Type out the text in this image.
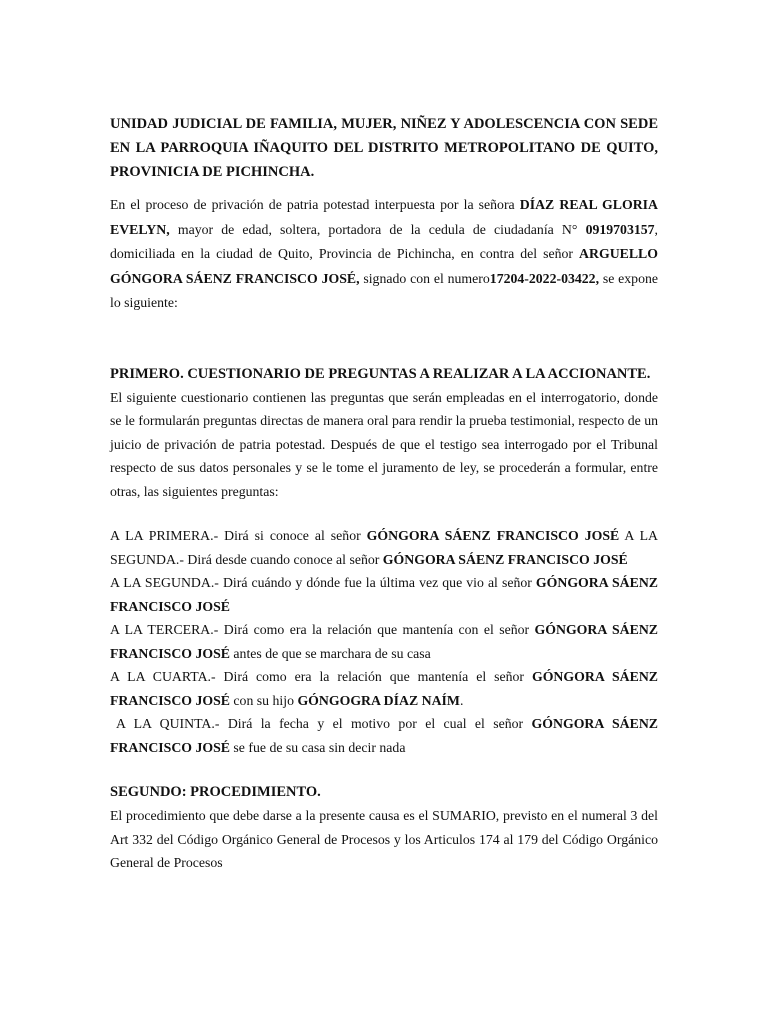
UNIDAD JUDICIAL DE FAMILIA, MUJER, NIÑEZ Y ADOLESCENCIA CON SEDE EN LA PARROQUIA IÑAQUITO DEL DISTRITO METROPOLITANO DE QUITO, PROVINICIA DE PICHINCHA.

En el proceso de privación de patria potestad interpuesta por la señora DÍAZ REAL GLORIA EVELYN, mayor de edad, soltera, portadora de la cedula de ciudadanía N° 0919703157, domiciliada en la ciudad de Quito, Provincia de Pichincha, en contra del señor ARGUELLO GÓNGORA SÁENZ FRANCISCO JOSÉ, signado con el numero17204-2022-03422, se expone lo siguiente:

PRIMERO. CUESTIONARIO DE PREGUNTAS A REALIZAR A LA ACCIONANTE.

El siguiente cuestionario contienen las preguntas que serán empleadas en el interrogatorio, donde se le formularán preguntas directas de manera oral para rendir la prueba testimonial, respecto de un juicio de privación de patria potestad. Después de que el testigo sea interrogado por el Tribunal respecto de sus datos personales y se le tome el juramento de ley, se procederán a formular, entre otras, las siguientes preguntas:

A LA PRIMERA.- Dirá si conoce al señor GÓNGORA SÁENZ FRANCISCO JOSÉ A LA SEGUNDA.- Dirá desde cuando conoce al señor GÓNGORA SÁENZ FRANCISCO JOSÉ

A LA SEGUNDA.- Dirá cuándo y dónde fue la última vez que vio al señor GÓNGORA SÁENZ FRANCISCO JOSÉ

A LA TERCERA.- Dirá como era la relación que mantenía con el señor GÓNGORA SÁENZ FRANCISCO JOSÉ antes de que se marchara de su casa

A LA CUARTA.- Dirá como era la relación que mantenía el señor GÓNGORA SÁENZ FRANCISCO JOSÉ con su hijo GÓNGOGRA DÍAZ NAÍM.

A LA QUINTA.- Dirá la fecha y el motivo por el cual el señor GÓNGORA SÁENZ FRANCISCO JOSÉ se fue de su casa sin decir nada

SEGUNDO: PROCEDIMIENTO.

El procedimiento que debe darse a la presente causa es el SUMARIO, previsto en el numeral 3 del Art 332 del Código Orgánico General de Procesos y los Articulos 174 al 179 del Código Orgánico General de Procesos
